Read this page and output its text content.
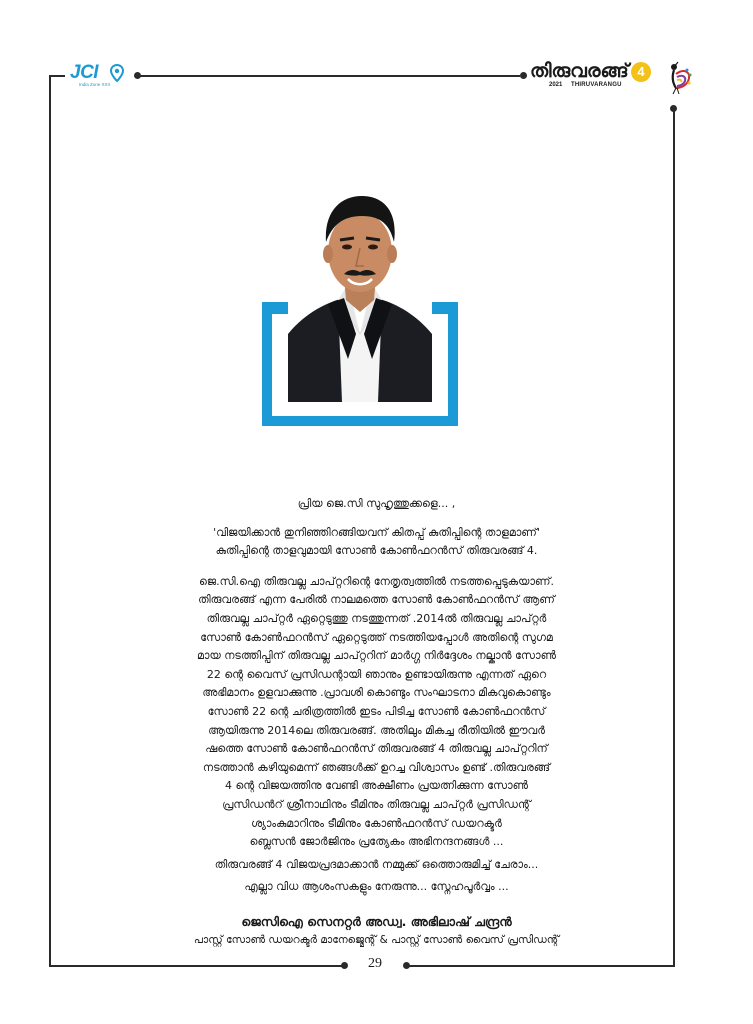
JCI
India Zone XXII
തിരുവരങ്ങ് 4
2021 THIRUVARANGU

പ്രിയ ജെ.സി സുഹൃത്തുക്കളെ... ,

'വിജയിക്കാൻ തുനിഞ്ഞിറങ്ങിയവന് കിതപ്പ് കുതിപ്പിന്റെ താളമാണ്'
കുതിപ്പിന്റെ താളവുമായി സോൺ കോൺഫറൻസ് തിരുവരങ്ങ് 4.

ജെ.സി.ഐ തിരുവല്ല ചാപ്റ്ററിന്റെ നേതൃത്വത്തിൽ നടത്തപ്പെടുകയാണ്.
തിരുവരങ്ങ് എന്ന പേരിൽ നാലമത്തെ സോൺ കോൺഫറൻസ് ആണ്
തിരുവല്ല ചാപ്റ്റർ ഏറ്റെടുത്തു നടത്തുന്നത് .2014ൽ തിരുവല്ല ചാപ്റ്റർ
സോൺ കോൺഫറൻസ് ഏറ്റെടുത്ത് നടത്തിയപ്പോൾ അതിന്റെ സുഗമ
മായ നടത്തിപ്പിന് തിരുവല്ല ചാപ്റ്ററിന് മാർഗ്ഗ നിർദ്ദേശം നല്കാൻ സോൺ
22 ന്റെ വൈസ് പ്രസിഡന്റായി ഞാനും ഉണ്ടായിരുന്നു എന്നത് ഏറെ
അഭിമാനം ഉളവാക്കുന്നു .പ്രാവശി കൊണ്ടും സംഘാടനാ മികവുകൊണ്ടും
സോൺ 22 ന്റെ ചരിത്രത്തിൽ ഇടം പിടിച്ച സോൺ കോൺഫറൻസ്
ആയിരുന്നു 2014ലെ തിരുവരങ്ങ്. അതിലും മികച്ച രീതിയിൽ ഈവർ
ഷത്തെ സോൺ കോൺഫറൻസ് തിരുവരങ്ങ് 4 തിരുവല്ല ചാപ്റ്ററിന്
നടത്താൻ കഴിയുമെന്ന് ഞങ്ങൾക്ക് ഉറച്ച വിശ്വാസം ഉണ്ട് .തിരുവരങ്ങ്
4 ന്റെ വിജയത്തിനു വേണ്ടി അക്ഷീണം പ്രയത്നിക്കുന്ന സോൺ
പ്രസിഡൻറ് ശ്രീനാഥിനും ടീമിനും തിരുവല്ല ചാപ്റ്റർ പ്രസിഡന്റ്
ശ്യാംകുമാറിനും ടീമിനും കോൺഫറൻസ് ഡയറക്ടർ
ബ്ലെസൻ ജോർജിനും പ്രത്യേകം അഭിനന്ദനങ്ങൾ ...

തിരുവരങ്ങ് 4 വിജയപ്രദമാക്കാൻ നമ്മുക്ക് ഒത്തൊരുമിച്ച് ചേരാം...
എല്ലാ വിധ ആശംസകളും നേരുന്നു... സ്നേഹപൂർവ്വം ...

ജെസിഐ സെനറ്റർ അഡ്വ. അഭിലാഷ് ചന്ദ്രൻ

പാസ്റ്റ് സോൺ ഡയറക്ടർ മാനേജ്മെന്റ് & പാസ്റ്റ് സോൺ വൈസ് പ്രസിഡന്റ്

29
